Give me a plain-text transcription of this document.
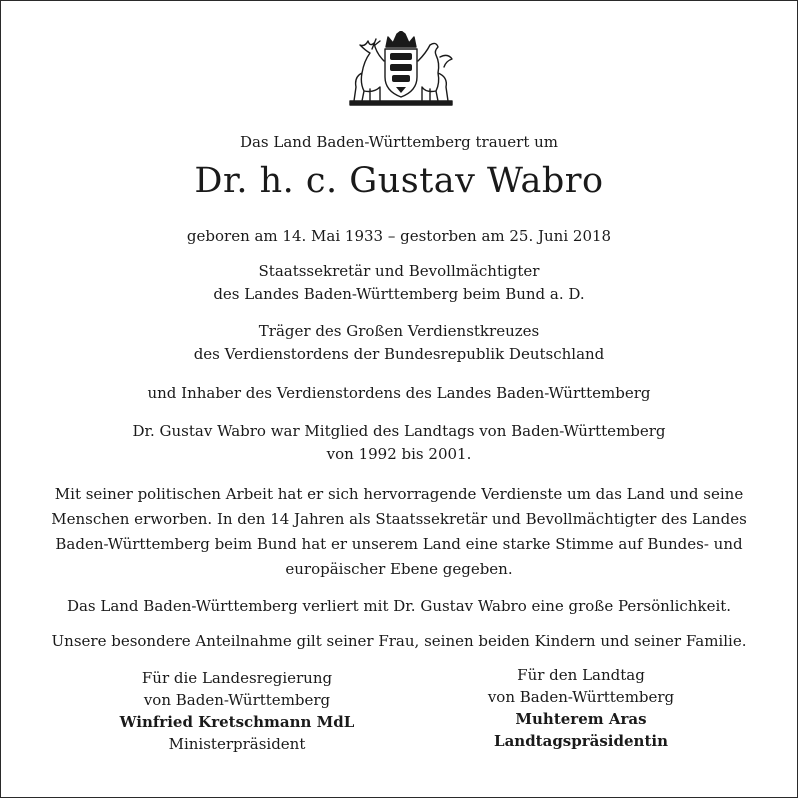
Das Land Baden-Württemberg trauert um
Dr. h. c. Gustav Wabro
geboren am 14. Mai 1933 – gestorben am 25. Juni 2018
Staatssekretär und Bevollmächtigter
des Landes Baden-Württemberg beim Bund a. D.
Träger des Großen Verdienstkreuzes
des Verdienstordens der Bundesrepublik Deutschland
und Inhaber des Verdienstordens des Landes Baden-Württemberg
Dr. Gustav Wabro war Mitglied des Landtags von Baden-Württemberg
von 1992 bis 2001.
Mit seiner politischen Arbeit hat er sich hervorragende Verdienste um das Land und seine
Menschen erworben. In den 14 Jahren als Staatssekretär und Bevollmächtigter des Landes
Baden-Württemberg beim Bund hat er unserem Land eine starke Stimme auf Bundes- und
europäischer Ebene gegeben.
Das Land Baden-Württemberg verliert mit Dr. Gustav Wabro eine große Persönlichkeit.
Unsere besondere Anteilnahme gilt seiner Frau, seinen beiden Kindern und seiner Familie.
Für die Landesregierung
von Baden-Württemberg
Winfried Kretschmann MdL
Ministerpräsident
Für den Landtag
von Baden-Württemberg
Muhterem Aras
Landtagspräsidentin
